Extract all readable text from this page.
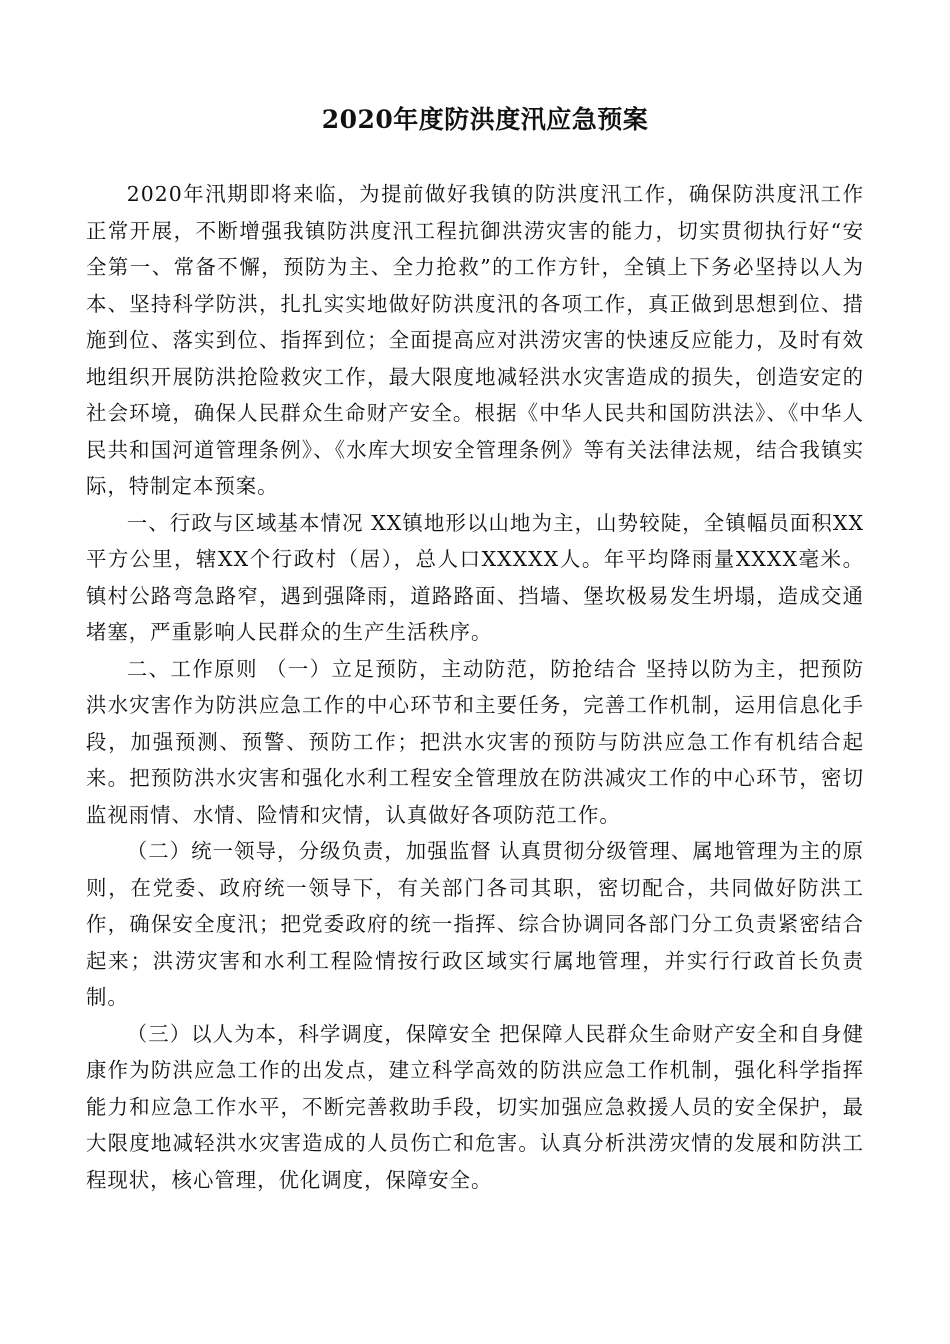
2020年度防洪度汛应急预案

2020年汛期即将来临，为提前做好我镇的防洪度汛工作，确保防洪度汛工作正常开展，不断增强我镇防洪度汛工程抗御洪涝灾害的能力，切实贯彻执行好“安全第一、常备不懈，预防为主、全力抢救”的工作方针，全镇上下务必坚持以人为本、坚持科学防洪，扎扎实实地做好防洪度汛的各项工作，真正做到思想到位、措施到位、落实到位、指挥到位；全面提高应对洪涝灾害的快速反应能力，及时有效地组织开展防洪抢险救灾工作，最大限度地减轻洪水灾害造成的损失，创造安定的社会环境，确保人民群众生命财产安全。根据《中华人民共和国防洪法》、《中华人民共和国河道管理条例》、《水库大坝安全管理条例》等有关法律法规，结合我镇实际，特制定本预案。

一、行政与区域基本情况 XX镇地形以山地为主，山势较陡，全镇幅员面积XX平方公里，辖XX个行政村（居），总人口XXXXX人。年平均降雨量XXXX毫米。镇村公路弯急路窄，遇到强降雨，道路路面、挡墙、堡坎极易发生坍塌，造成交通堵塞，严重影响人民群众的生产生活秩序。

二、工作原则 （一）立足预防，主动防范，防抢结合 坚持以防为主，把预防洪水灾害作为防洪应急工作的中心环节和主要任务，完善工作机制，运用信息化手段，加强预测、预警、预防工作；把洪水灾害的预防与防洪应急工作有机结合起来。把预防洪水灾害和强化水利工程安全管理放在防洪减灾工作的中心环节，密切监视雨情、水情、险情和灾情，认真做好各项防范工作。

（二）统一领导，分级负责，加强监督 认真贯彻分级管理、属地管理为主的原则，在党委、政府统一领导下，有关部门各司其职，密切配合，共同做好防洪工作，确保安全度汛；把党委政府的统一指挥、综合协调同各部门分工负责紧密结合起来；洪涝灾害和水利工程险情按行政区域实行属地管理，并实行行政首长负责制。

（三）以人为本，科学调度，保障安全 把保障人民群众生命财产安全和自身健康作为防洪应急工作的出发点，建立科学高效的防洪应急工作机制，强化科学指挥能力和应急工作水平，不断完善救助手段，切实加强应急救援人员的安全保护，最大限度地减轻洪水灾害造成的人员伤亡和危害。认真分析洪涝灾情的发展和防洪工程现状，核心管理，优化调度，保障安全。
